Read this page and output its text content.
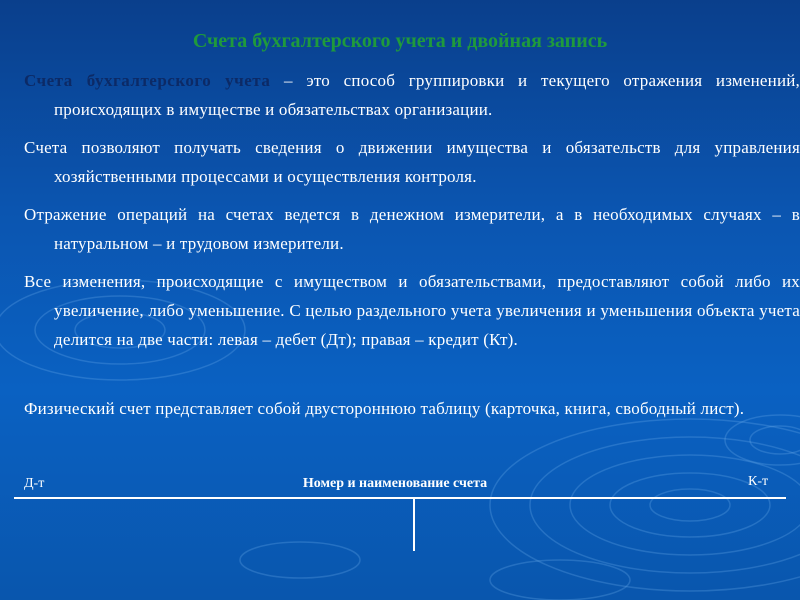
Счета бухгалтерского учета и двойная запись
Счета бухгалтерского учета – это способ группировки и текущего отражения изменений, происходящих в имуществе и обязательствах организации.
Счета позволяют получать сведения о движении имущества и обязательств для управления хозяйственными процессами и осуществления контроля.
Отражение операций на счетах ведется в денежном измерители, а в необходимых случаях – в натуральном – и трудовом измерители.
Все изменения, происходящие с имуществом и обязательствами, предоставляют собой либо их увеличение, либо уменьшение. С целью раздельного учета увеличения и уменьшения объекта учета делится на две части: левая – дебет (Дт); правая – кредит (Кт).
Физический счет представляет собой двустороннюю таблицу (карточка, книга, свободный лист).
Д-т	Номер и наименование счета	К-т
